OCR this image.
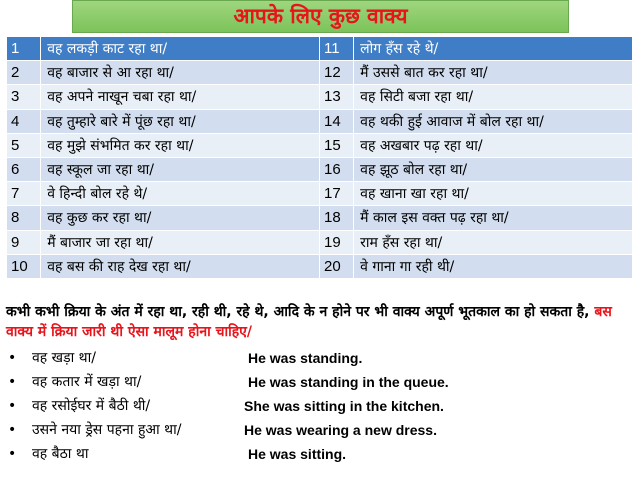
आपके लिए कुछ वाक्य
1	वह लकड़ी काट रहा था/	11	लोग हँस रहे थे/
2	वह बाजार से आ रहा था/	12	मैं उससे बात कर रहा था/
3	वह अपने नाखून चबा रहा था/	13	वह सिटी बजा रहा था/
4	वह तुम्हारे बारे में पूंछ रहा था/	14	वह थकी हुई आवाज में बोल रहा था/
5	वह मुझे संभमित कर रहा था/	15	वह अखबार पढ़ रहा था/
6	वह स्कूल जा रहा था/	16	वह झूठ बोल रहा था/
7	वे हिन्दी बोल रहे थे/	17	वह खाना खा रहा था/
8	वह कुछ कर रहा था/	18	मैं काल इस वक्त पढ़ रहा था/
9	मैं बाजार जा रहा था/	19	राम हँस रहा था/
10	वह बस की राह देख रहा था/	20	वे गाना गा रही थी/
कभी कभी क्रिया के अंत में रहा था, रही थी, रहे थे, आदि के न होने पर भी वाक्य अपूर्ण भूतकाल का हो सकता है, बस वाक्य में क्रिया जारी थी ऐसा मालूम होना चाहिए/
• वह खड़ा था/	He was standing.
• वह कतार में खड़ा था/	He was standing in the queue.
• वह रसोईघर में बैठी थी/	She was sitting in the kitchen.
• उसने नया ड्रेस पहना हुआ था/	He was wearing a new dress.
• वह बैठा था	He was sitting.
